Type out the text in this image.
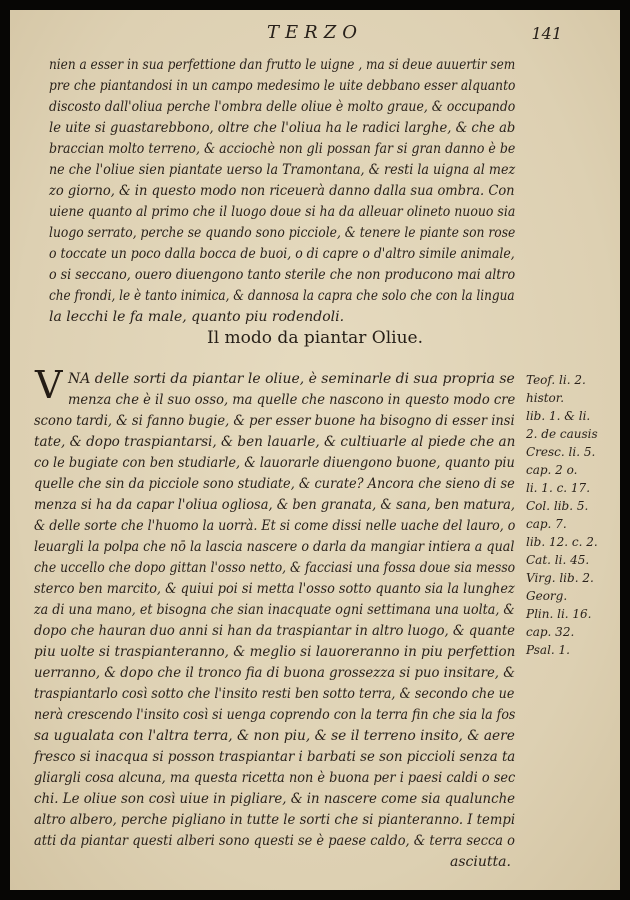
TERZO	141
nien a esser in sua perfettione dan frutto le uigne , ma si deue auuertir sem
pre che piantandosi in un campo medesimo le uite debbano esser alquanto
discosto dall'oliua perche l'ombra delle oliue è molto graue, & occupando
le uite si guastarebbono, oltre che l'oliua ha le radici larghe, & che ab
braccian molto terreno, & acciochè non gli possan far si gran danno è be
ne che l'oliue sien piantate uerso la Tramontana, & resti la uigna al mez
zo giorno, & in questo modo non riceuerà danno dalla sua ombra. Con
uiene quanto al primo che il luogo doue si ha da alleuar olineto nuouo sia
luogo serrato, perche se quando sono picciole, & tenere le piante son rose
o toccate un poco dalla bocca de buoi, o di capre o d'altro simile animale,
o si seccano, ouero diuengono tanto sterile che non producono mai altro
che frondi, le è tanto inimica, & dannosa la capra che solo che con la lingua
la lecchi le fa male, quanto piu rodendoli.
Il modo da piantar Oliue.
V NA delle sorti da piantar le oliue, è seminarle di sua propria se
menza che è il suo osso, ma quelle che nascono in questo modo cre
scono tardi, & si fanno bugie, & per esser buone ha bisogno di esser insi
tate, & dopo traspiantarsi, & ben lauarle, & cultiuarle al piede che an
co le bugiate con ben studiarle, & lauorarle diuengono buone, quanto piu
quelle che sin da picciole sono studiate, & curate? Ancora che sieno di se
menza si ha da capar l'oliua ogliosa, & ben granata, & sana, ben matura,
& delle sorte che l'huomo la uorrà. Et si come dissi nelle uache del lauro, o
leuargli la polpa che nō la lascia nascere o darla da mangiar intiera a qual
che uccello che dopo gittan l'osso netto, & facciasi una fossa doue sia messo
sterco ben marcito, & quiui poi si metta l'osso sotto quanto sia la lunghez
za di una mano, et bisogna che sian inacquate ogni settimana una uolta, &
dopo che hauran duo anni si han da traspiantar in altro luogo, & quante
piu uolte si traspianteranno, & meglio si lauoreranno in piu perfettion
uerranno, & dopo che il tronco fia di buona grossezza si puo insitare, &
traspiantarlo così sotto che l'insito resti ben sotto terra, & secondo che ue
nerà crescendo l'insito così si uenga coprendo con la terra fin che sia la fos
sa ugualata con l'altra terra, & non piu, & se il terreno insito, & aere
fresco si inacqua si posson traspiantar i barbati se son piccioli senza ta
gliargli cosa alcuna, ma questa ricetta non è buona per i paesi caldi o sec
chi. Le oliue son così uiue in pigliare, & in nascere come sia qualunche
altro albero, perche pigliano in tutte le sorti che si pianteranno. I tempi
atti da piantar questi alberi sono questi se è paese caldo, & terra secca o
asciutta.
Teof. li. 2.
histor.
lib. 1. & li.
2. de causis
Cresc. li. 5.
cap. 2 o.
li. 1. c. 17.
Col. lib. 5.
cap. 7.
lib. 12. c. 2.
Cat. li. 45.
Virg. lib. 2.
Georg.
Plin. li. 16.
cap. 32.
Psal. 1.
